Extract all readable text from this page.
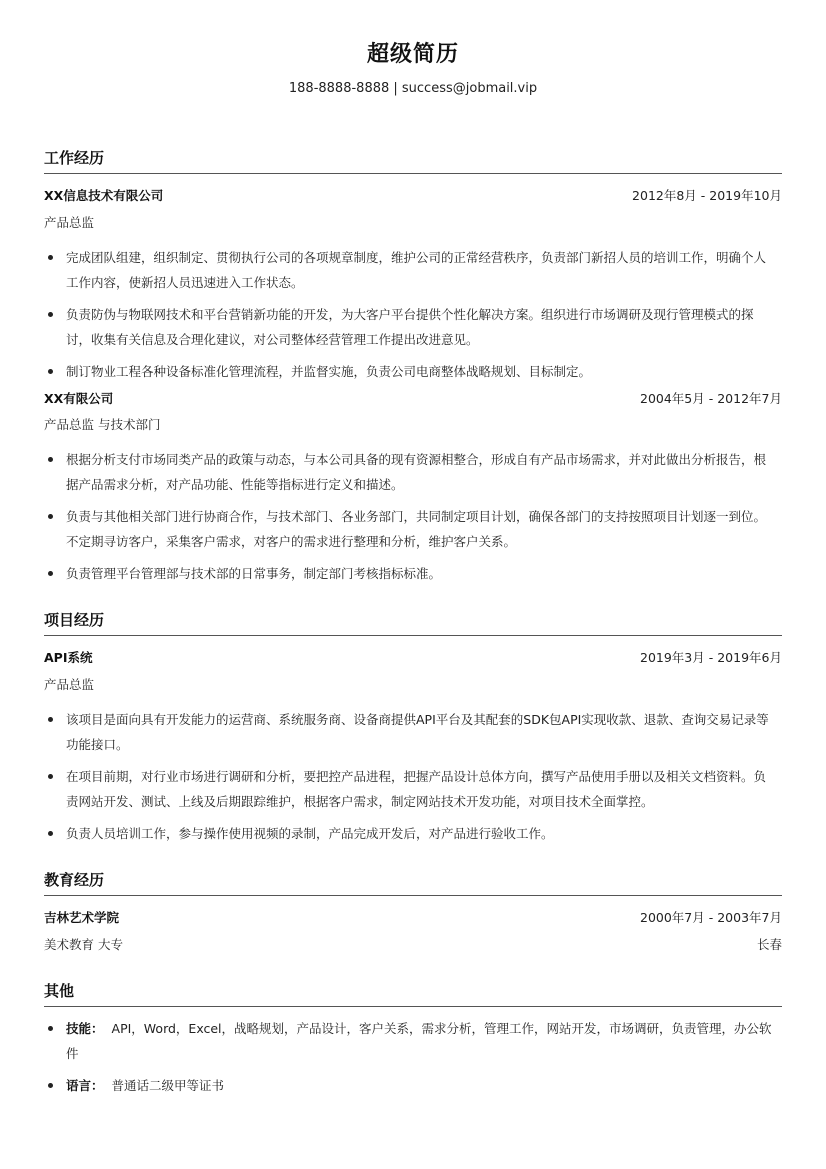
超级简历
188-8888-8888 | success@jobmail.vip
工作经历
XX信息技术有限公司	2012年8月 - 2019年10月
产品总监
完成团队组建，组织制定、贯彻执行公司的各项规章制度，维护公司的正常经营秩序，负责部门新招人员的培训工作，明确个人工作内容，使新招人员迅速进入工作状态。
负责防伪与物联网技术和平台营销新功能的开发，为大客户平台提供个性化解决方案。组织进行市场调研及现行管理模式的探讨，收集有关信息及合理化建议，对公司整体经营管理工作提出改进意见。
制订物业工程各种设备标准化管理流程，并监督实施，负责公司电商整体战略规划、目标制定。
XX有限公司	2004年5月 - 2012年7月
产品总监 与技术部门
根据分析支付市场同类产品的政策与动态，与本公司具备的现有资源相整合，形成自有产品市场需求，并对此做出分析报告，根据产品需求分析，对产品功能、性能等指标进行定义和描述。
负责与其他相关部门进行协商合作，与技术部门、各业务部门，共同制定项目计划，确保各部门的支持按照项目计划逐一到位。不定期寻访客户，采集客户需求，对客户的需求进行整理和分析，维护客户关系。
负责管理平台管理部与技术部的日常事务，制定部门考核指标标准。
项目经历
API系统	2019年3月 - 2019年6月
产品总监
该项目是面向具有开发能力的运营商、系统服务商、设备商提供API平台及其配套的SDK包API实现收款、退款、查询交易记录等功能接口。
在项目前期，对行业市场进行调研和分析，要把控产品进程，把握产品设计总体方向，撰写产品使用手册以及相关文档资料。负责网站开发、测试、上线及后期跟踪维护，根据客户需求，制定网站技术开发功能，对项目技术全面掌控。
负责人员培训工作，参与操作使用视频的录制，产品完成开发后，对产品进行验收工作。
教育经历
吉林艺术学院	2000年7月 - 2003年7月
美术教育 大专	长春
其他
技能： API，Word，Excel，战略规划，产品设计，客户关系，需求分析，管理工作，网站开发，市场调研，负责管理，办公软件
语言： 普通话二级甲等证书
